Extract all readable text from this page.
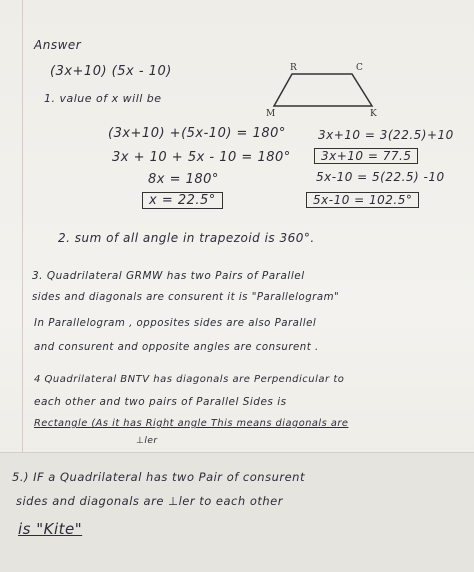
Answer
(3x+10) (5x - 10)
1. value of x will be
R	C
M	K
(3x+10) +(5x-10) = 180°
3x + 10 + 5x - 10 = 180°
8x = 180°
x = 22.5°
3x+10 = 3(22.5)+10
3x+10 = 77.5
5x-10 = 5(22.5) -10
5x-10 = 102.5°
2. sum of all angle in trapezoid is 360°.
3. Quadrilateral GRMW has two Pairs of Parallel
sides and diagonals are consurent it is "Parallelogram"
In Parallelogram , opposites sides are also Parallel
and consurent and opposite angles are consurent .
4 Quadrilateral BNTV has diagonals are Perpendicular to
each other and two pairs of Parallel Sides is
Rectangle (As it has Right angle This means diagonals are
⊥ler
5.) IF a Quadrilateral has two Pair of consurent
sides and diagonals are ⊥ler to each other
is "Kite"
